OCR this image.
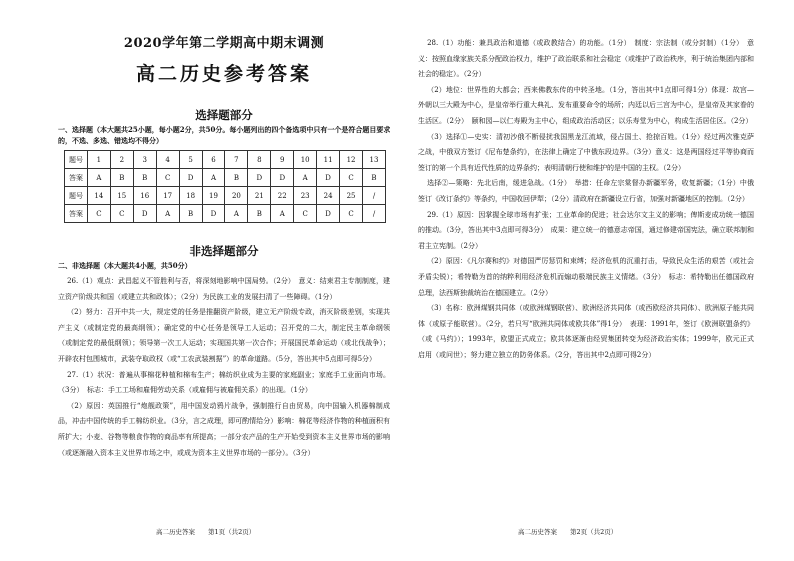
2020学年第二学期高中期末调测
高二历史参考答案
选择题部分
一、选择题（本大题共25小题，每小题2分，共50分。每小题列出的四个备选项中只有一个是符合题目要求的，不选、多选、错选均不得分）
题号	1	2	3	4	5	6	7	8	9	10	11	12	13
答案	A	B	B	C	D	A	B	D	D	A	D	C	B
题号	14	15	16	17	18	19	20	21	22	23	24	25	/
答案	C	C	D	A	B	D	A	B	A	C	D	C	/
非选择题部分
二、非选择题（本大题共4小题，共50分）

26.（1）观点：武昌起义不管胜利与否，将深刻地影响中国局势。（2分）　意义：结束君主专制制度，建立资产阶级共和国（或建立共和政体）；（2分）为民族工业的发展扫清了一些障碍。（1分）

（2）努力：召开中共一大，规定党的任务是推翻资产阶级，建立无产阶级专政，消灭阶级差别，实现共产主义（或制定党的最高纲领）；确定党的中心任务是领导工人运动；召开党的二大，制定民主革命纲领（或制定党的最低纲领）；领导第一次工人运动；实现国共第一次合作；开展国民革命运动（或北伐战争）；开辟农村包围城市，武装夺取政权（或“工农武装割据”）的革命道路。（5分，答出其中5点即可得5分）

27.（1）状况：普遍从事棉花种植和棉布生产；棉纺织业成为主要的家庭副业；家庭手工业面向市场。（3分）　标志：手工工场和雇佣劳动关系（或雇佣与被雇佣关系）的出现。（1分）

（2）原因：英国推行“炮舰政策”，用中国发动鸦片战争，强制推行自由贸易，向中国输入机器棉制成品，冲击中国传统的手工棉纺织业。（3分，言之成理，即可酌情给分）影响：棉花等经济作物的种植面积有所扩大；小麦、谷物等粮食作物的商品率有所提高；一部分农产品的生产开始受到资本主义世界市场的影响（或逐渐融入资本主义世界市场之中，或成为资本主义世界市场的一部分）。（3分）

高二历史答案　　第1页（共2页）

28.（1）功能：兼具政治和道德（或政教结合）的功能。（1分）　制度：宗法制（或分封制）（1分）　意义：按照血缘家族关系分配政治权力，维护了政治联系和社会稳定（或维护了政治秩序，利于统治集团内部和社会的稳定）。（2分）

（2）地位：世界性的大都会；西来佛教东传的中转圣地。（1分，答出其中1点即可得1分）体现：故宫—外朝以三大殿为中心，是皇帝举行重大典礼、发布重要命令的场所；内廷以后三宫为中心，是皇帝及其家眷的生活区。（2分）　颐和园—以仁寿殿为主中心，组成政治活动区；以乐寿堂为中心，构成生活居住区。（2分）

（3）选择①—史实：清初沙俄不断侵扰我国黑龙江流域，侵占国土、抢掠百姓。（1分）经过两次雅克萨之战，中俄双方签订《尼布楚条约》，在法律上确定了中俄东段边界。（3分）意义：这是两国经过平等协商而签订的第一个具有近代性质的边界条约；表明清朝行使和维护的是中国的主权。（2分）

选择②—策略：先北后南，缓进急战。（1分）　举措：任命左宗棠督办新疆军务，收复新疆；（1分）中俄签订《改订条约》等条约，中国收回伊犁；（2分）清政府在新疆设立行省，加强对新疆地区的控制。（2分）

29.（1）原因：因掌握全球市场有扩张；工业革命的促进；社会达尔文主义的影响；俾斯麦成功统一德国的推动。（3分，答出其中3点即可得3分）　成果：建立统一的德意志帝国，通过修建帝国宪法，确立联邦制和君主立宪制。（2分）

（2）原因：《凡尔赛和约》对德国严厉惩罚和束缚；经济危机的沉重打击，导致民众生活的艰苦（或社会矛盾尖锐）；希特勒为首的纳粹利用经济危机而煽动极端民族主义情绪。（3分）　标志：希特勒出任德国政府总理，法西斯独裁统治在德国建立。（2分）

（3）名称：欧洲煤钢共同体（或欧洲煤钢联营）、欧洲经济共同体（或西欧经济共同体）、欧洲原子能共同体（或原子能联营）。（2分，若只写“欧洲共同体或欧共体”得1分）　表现：1991年，签订《欧洲联盟条约》（或《马约》）；1993年，欧盟正式成立；欧共体逐渐由经贸集团转变为经济政治实体；1999年，欧元正式启用（或问世）；努力建立独立的防务体系。（2分，答出其中2点即可得2分）

高二历史答案　　第2页（共2页）
